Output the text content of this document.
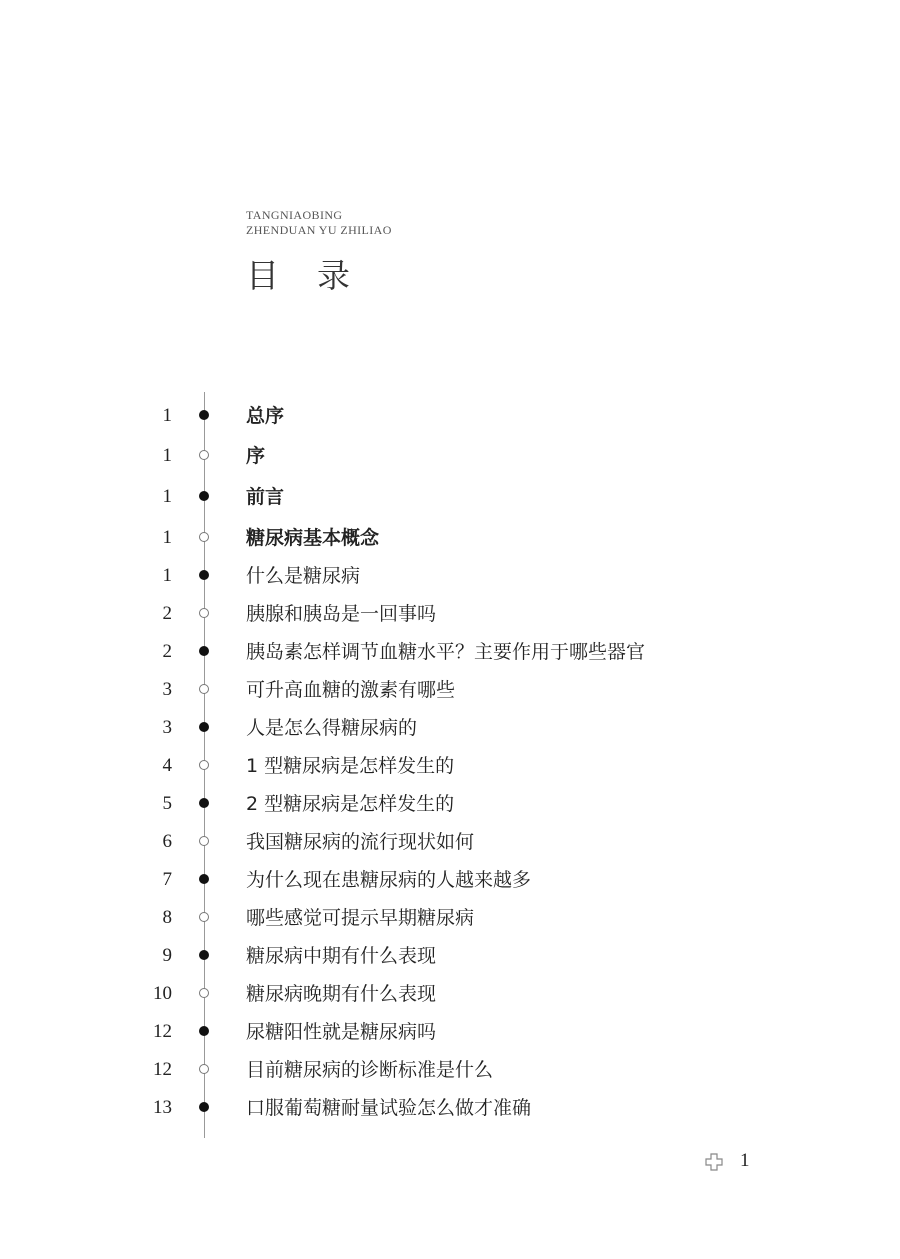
TANGNIAOBING
ZHENDUAN YU ZHILIAO
目 录
1	总序
1	序
1	前言
1	糖尿病基本概念
1	什么是糖尿病
2	胰腺和胰岛是一回事吗
2	胰岛素怎样调节血糖水平？主要作用于哪些器官
3	可升高血糖的激素有哪些
3	人是怎么得糖尿病的
4	1 型糖尿病是怎样发生的
5	2 型糖尿病是怎样发生的
6	我国糖尿病的流行现状如何
7	为什么现在患糖尿病的人越来越多
8	哪些感觉可提示早期糖尿病
9	糖尿病中期有什么表现
10	糖尿病晚期有什么表现
12	尿糖阳性就是糖尿病吗
12	目前糖尿病的诊断标准是什么
13	口服葡萄糖耐量试验怎么做才准确
1
